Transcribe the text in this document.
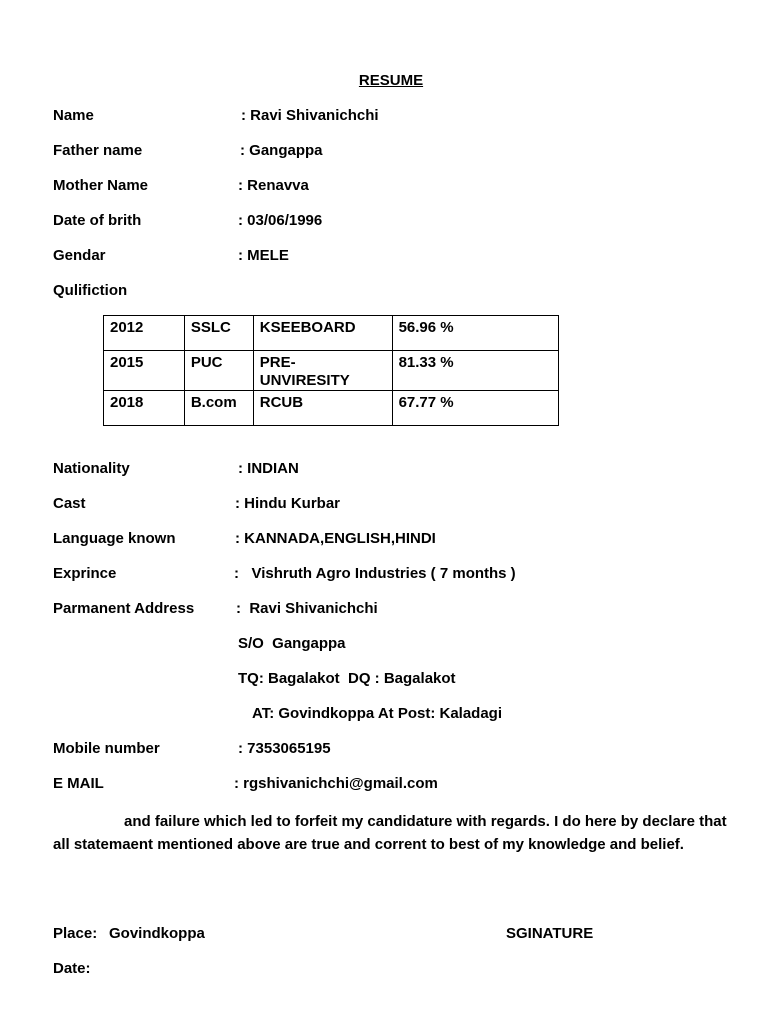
RESUME
Name	: Ravi Shivanichchi
Father name	: Gangappa
Mother Name	: Renavva
Date of brith	: 03/06/1996
Gendar	: MELE
Qulifiction
2012	SSLC	KSEEBOARD	56.96 %
2015	PUC	PRE-UNVIRESITY	81.33 %
2018	B.com	RCUB	67.77 %
Nationality	: INDIAN
Cast	: Hindu Kurbar
Language known	: KANNADA,ENGLISH,HINDI
Exprince	:   Vishruth Agro Industries ( 7 months )
Parmanent Address	:  Ravi Shivanichchi
S/O  Gangappa
TQ: Bagalakot  DQ : Bagalakot
AT: Govindkoppa At Post: Kaladagi
Mobile number	: 7353065195
E MAIL	: rgshivanichchi@gmail.com
and failure which led to forfeit my candidature with regards. I do here by declare that all statemaent mentioned above are true and corrent to best of my knowledge and belief.
Place: Govindkoppa	SGINATURE
Date:
